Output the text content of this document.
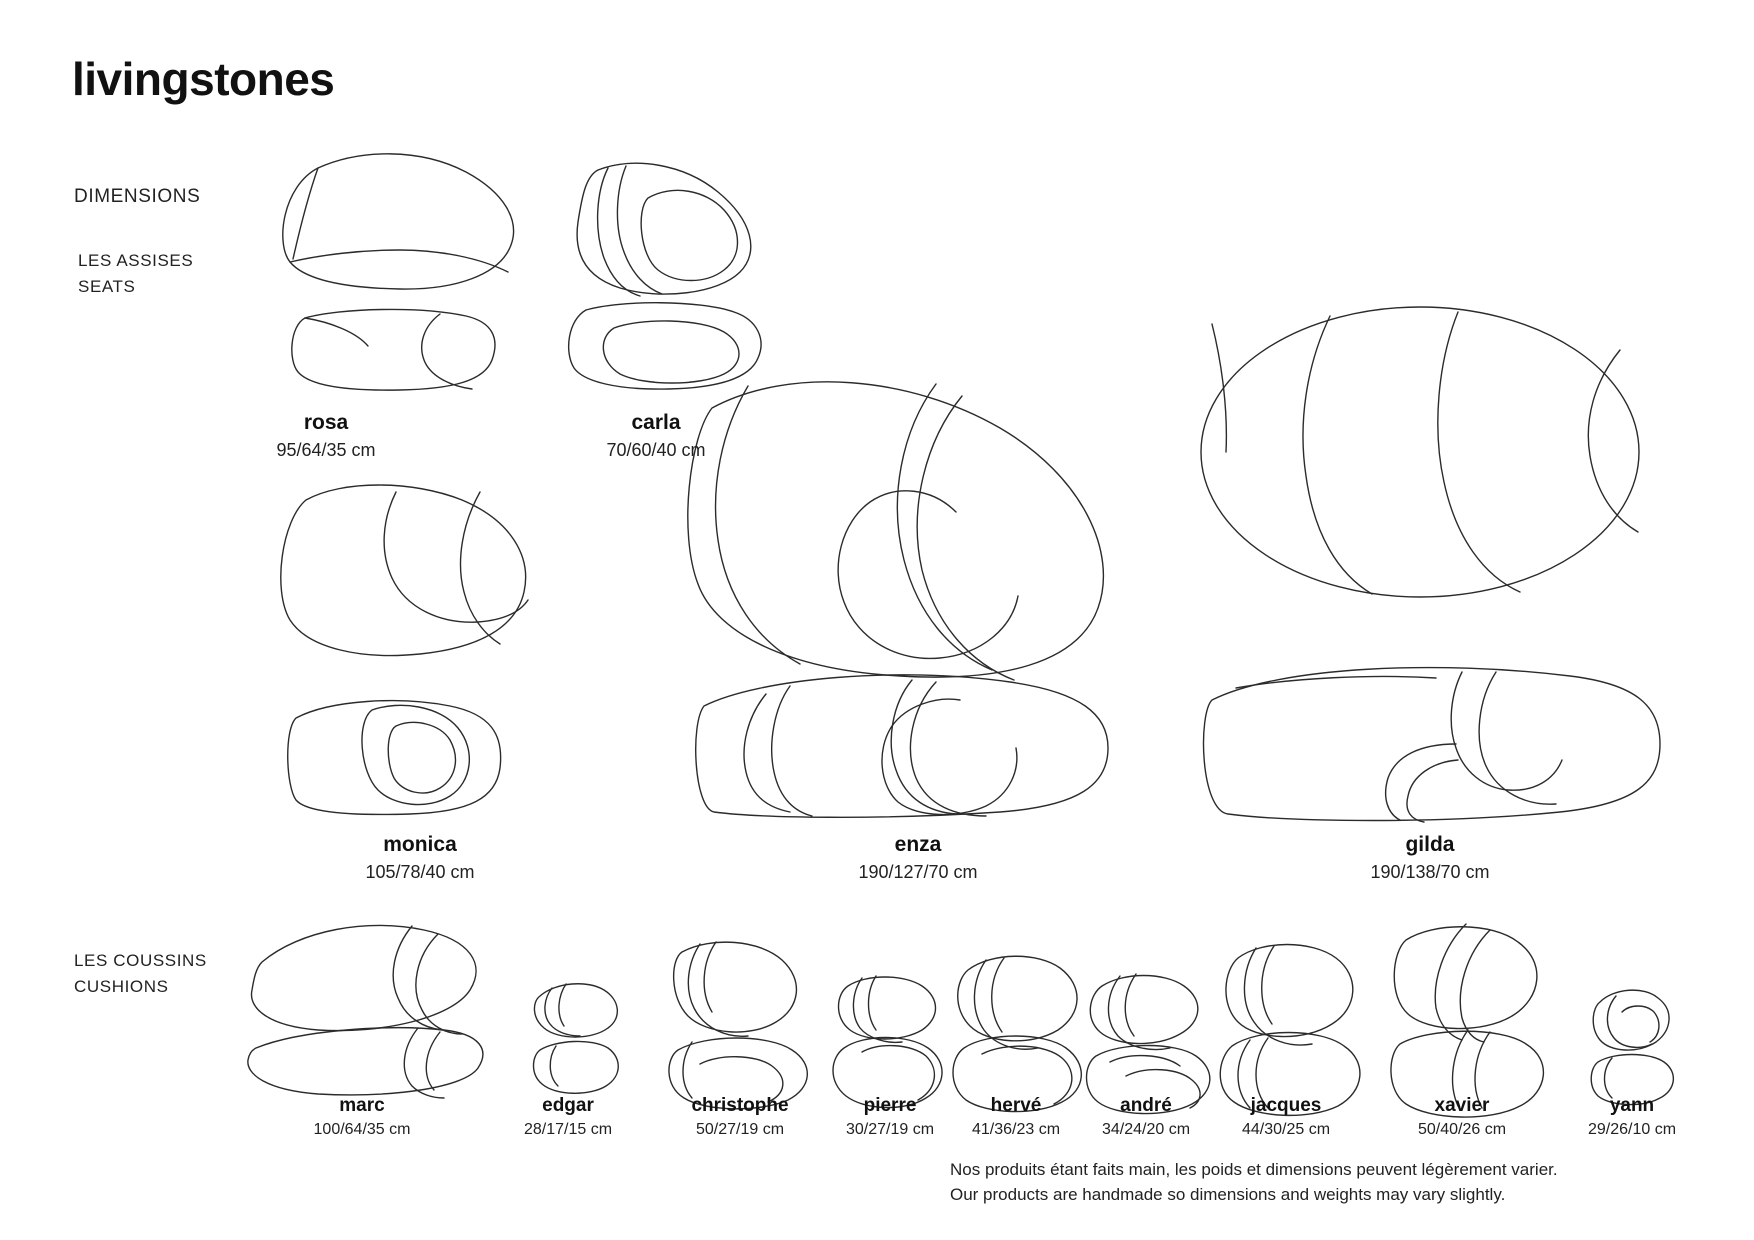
livingstones
DIMENSIONS
LES ASSISES
SEATS
LES COUSSINS
CUSHIONS
rosa
95/64/35 cm
carla
70/60/40 cm
monica
105/78/40 cm
enza
190/127/70 cm
gilda
190/138/70 cm
marc
100/64/35 cm
edgar
28/17/15 cm
christophe
50/27/19 cm
pierre
30/27/19 cm
hervé
41/36/23 cm
andré
34/24/20 cm
jacques
44/30/25 cm
xavier
50/40/26 cm
yann
29/26/10 cm
Nos produits étant faits main, les poids et dimensions peuvent légèrement varier.
Our products are handmade so dimensions and weights may vary slightly.
